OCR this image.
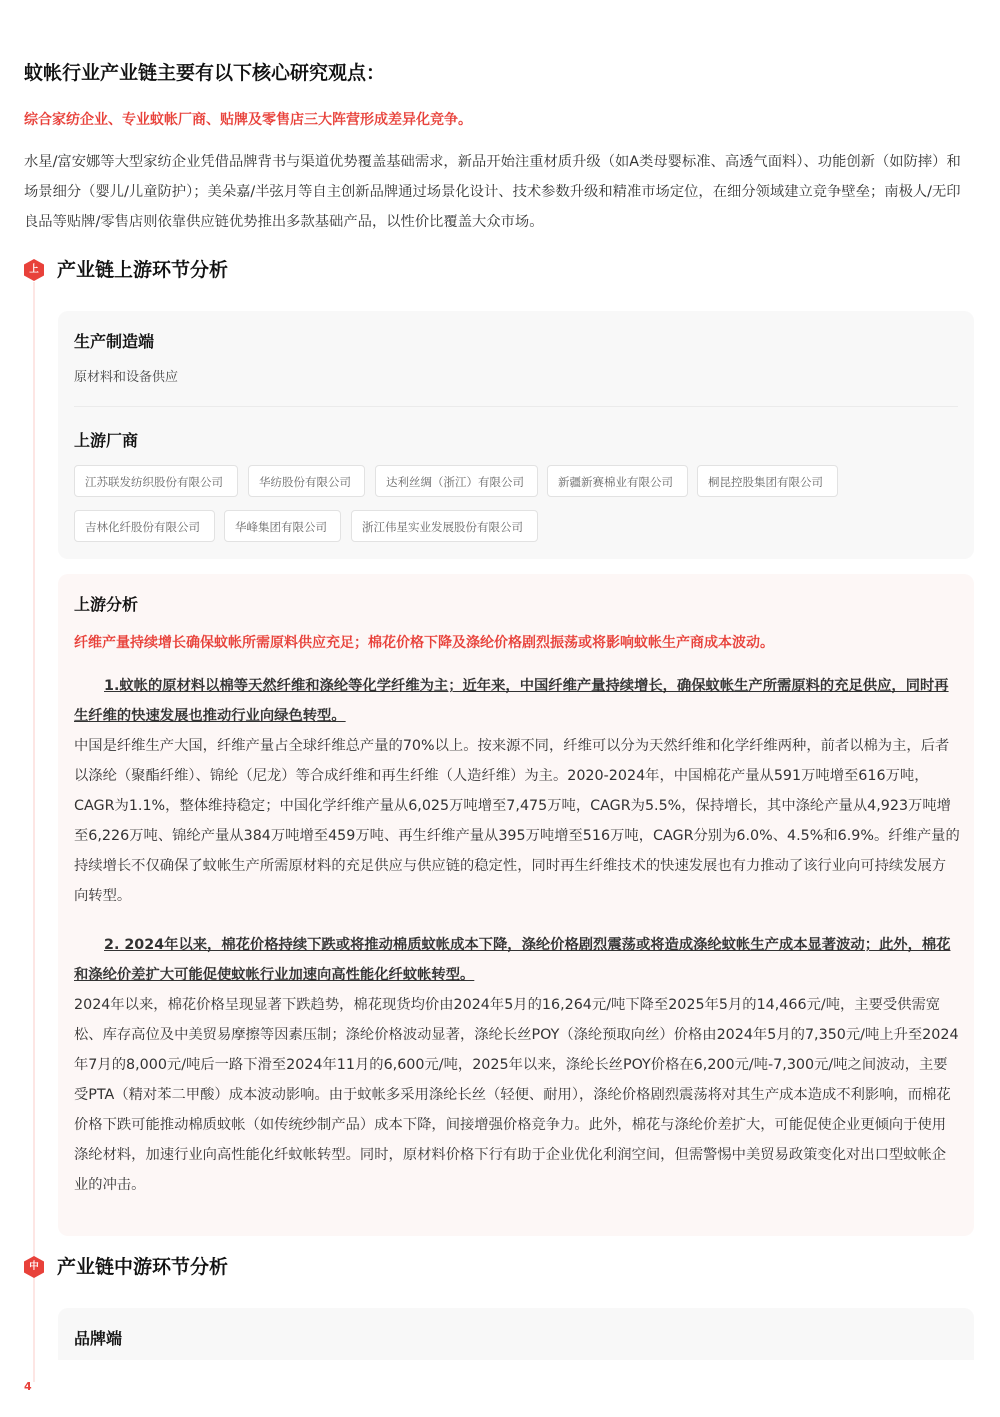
蚊帐行业产业链主要有以下核心研究观点：
综合家纺企业、专业蚊帐厂商、贴牌及零售店三大阵营形成差异化竞争。
水星/富安娜等大型家纺企业凭借品牌背书与渠道优势覆盖基础需求，新品开始注重材质升级（如A类母婴标准、高透气面料）、功能创新（如防摔）和场景细分（婴儿/儿童防护）；美朵嘉/半弦月等自主创新品牌通过场景化设计、技术参数升级和精准市场定位，在细分领域建立竞争壁垒；南极人/无印良品等贴牌/零售店则依靠供应链优势推出多款基础产品，以性价比覆盖大众市场。
上 产业链上游环节分析
生产制造端
原材料和设备供应
上游厂商
江苏联发纺织股份有限公司	华纺股份有限公司	达利丝绸（浙江）有限公司	新疆新赛棉业有限公司	桐昆控股集团有限公司
吉林化纤股份有限公司	华峰集团有限公司	浙江伟星实业发展股份有限公司
上游分析
纤维产量持续增长确保蚊帐所需原料供应充足；棉花价格下降及涤纶价格剧烈振荡或将影响蚊帐生产商成本波动。
1.蚊帐的原材料以棉等天然纤维和涤纶等化学纤维为主；近年来，中国纤维产量持续增长，确保蚊帐生产所需原料的充足供应，同时再生纤维的快速发展也推动行业向绿色转型。
中国是纤维生产大国，纤维产量占全球纤维总产量的70%以上。按来源不同，纤维可以分为天然纤维和化学纤维两种，前者以棉为主，后者以涤纶（聚酯纤维）、锦纶（尼龙）等合成纤维和再生纤维（人造纤维）为主。2020-2024年，中国棉花产量从591万吨增至616万吨，CAGR为1.1%，整体维持稳定；中国化学纤维产量从6,025万吨增至7,475万吨，CAGR为5.5%，保持增长，其中涤纶产量从4,923万吨增至6,226万吨、锦纶产量从384万吨增至459万吨、再生纤维产量从395万吨增至516万吨，CAGR分别为6.0%、4.5%和6.9%。纤维产量的持续增长不仅确保了蚊帐生产所需原材料的充足供应与供应链的稳定性，同时再生纤维技术的快速发展也有力推动了该行业向可持续发展方向转型。
2. 2024年以来，棉花价格持续下跌或将推动棉质蚊帐成本下降，涤纶价格剧烈震荡或将造成涤纶蚊帐生产成本显著波动；此外，棉花和涤纶价差扩大可能促使蚊帐行业加速向高性能化纤蚊帐转型。
2024年以来，棉花价格呈现显著下跌趋势，棉花现货均价由2024年5月的16,264元/吨下降至2025年5月的14,466元/吨，主要受供需宽松、库存高位及中美贸易摩擦等因素压制；涤纶价格波动显著，涤纶长丝POY（涤纶预取向丝）价格由2024年5月的7,350元/吨上升至2024年7月的8,000元/吨后一路下滑至2024年11月的6,600元/吨，2025年以来，涤纶长丝POY价格在6,200元/吨-7,300元/吨之间波动，主要受PTA（精对苯二甲酸）成本波动影响。由于蚊帐多采用涤纶长丝（轻便、耐用），涤纶价格剧烈震荡将对其生产成本造成不利影响，而棉花价格下跌可能推动棉质蚊帐（如传统纱制产品）成本下降，间接增强价格竞争力。此外，棉花与涤纶价差扩大，可能促使企业更倾向于使用涤纶材料，加速行业向高性能化纤蚊帐转型。同时，原材料价格下行有助于企业优化利润空间，但需警惕中美贸易政策变化对出口型蚊帐企业的冲击。
中 产业链中游环节分析
品牌端
4
